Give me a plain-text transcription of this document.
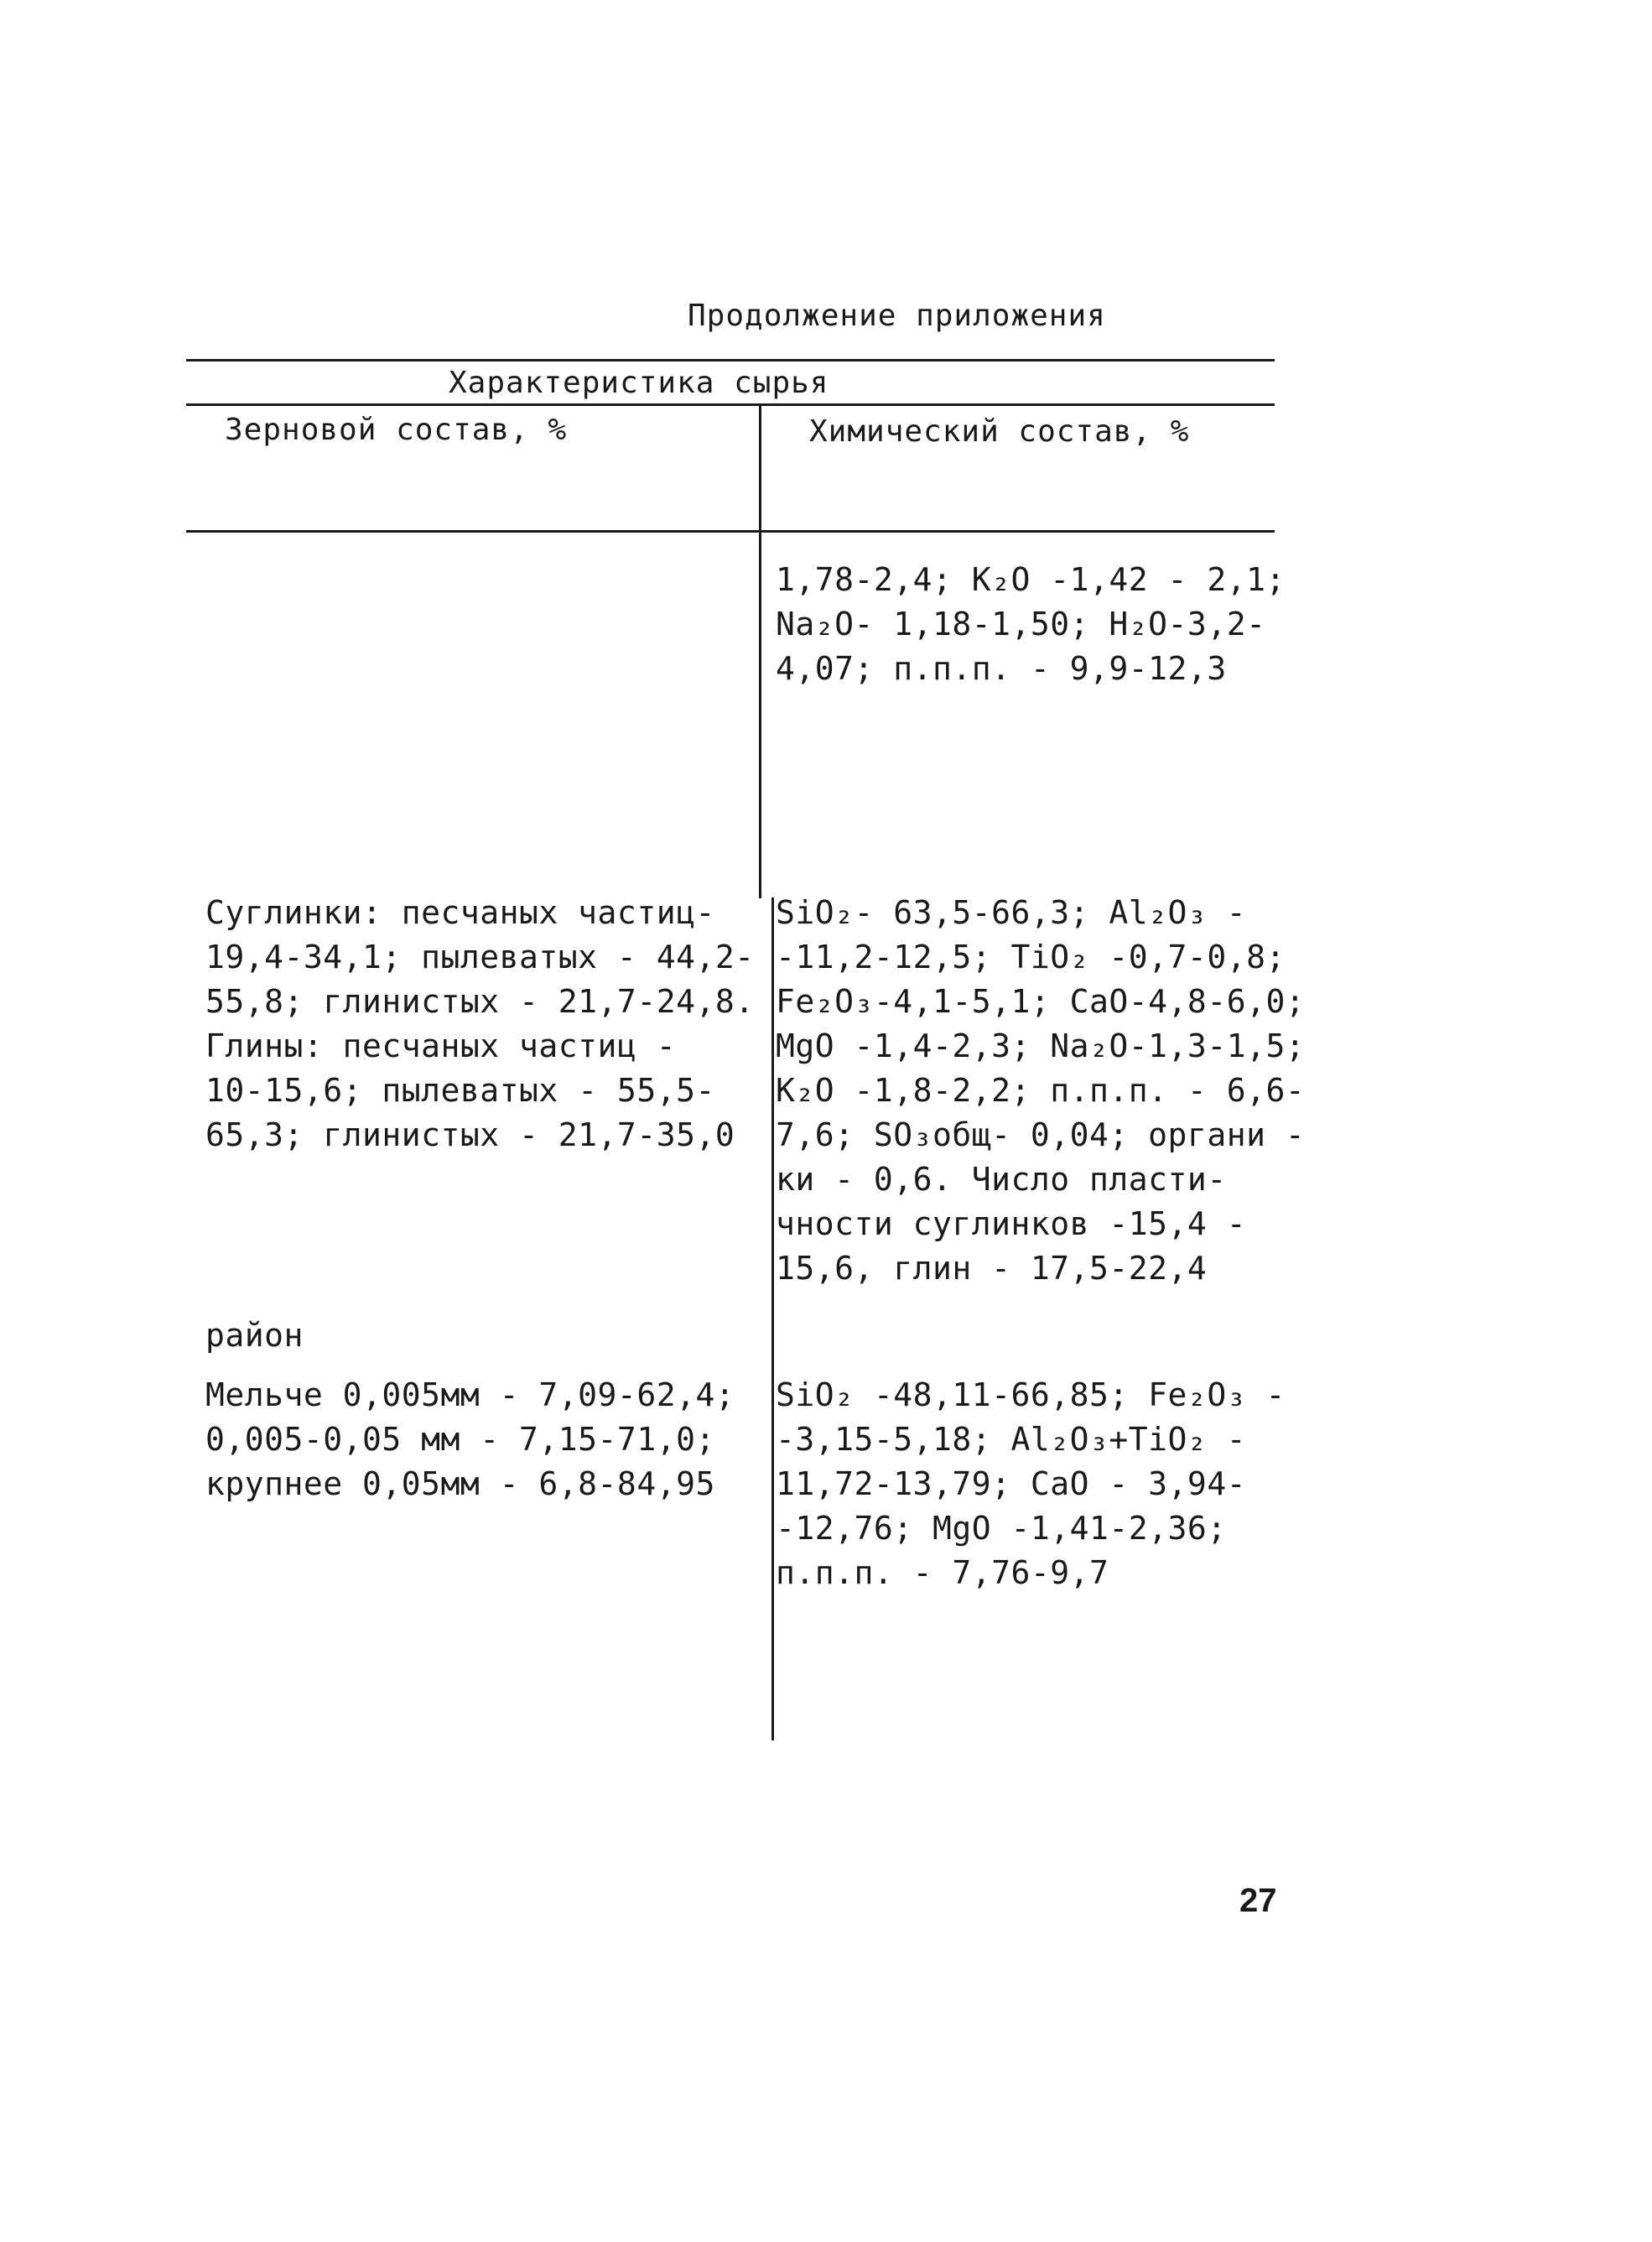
Продолжение приложения
Характеристика сырья
Зерновой состав, %	Химический состав, %
1,78-2,4; K₂O -1,42 - 2,1;
Na₂O- 1,18-1,50; H₂O-3,2-
4,07; п.п.п. - 9,9-12,3
Суглинки: песчаных частиц-
19,4-34,1; пылеватых - 44,2-
55,8; глинистых - 21,7-24,8.
Глины: песчаных частиц -
10-15,6; пылеватых - 55,5-
65,3; глинистых - 21,7-35,0
SiO₂- 63,5-66,3; Al₂O₃ -
-11,2-12,5; TiO₂ -0,7-0,8;
Fe₂O₃-4,1-5,1; CaO-4,8-6,0;
MgO -1,4-2,3; Na₂O-1,3-1,5;
K₂O -1,8-2,2; п.п.п. - 6,6-
7,6; SO₃общ- 0,04; органи -
ки - 0,6. Число пласти-
чности суглинков -15,4 -
15,6, глин - 17,5-22,4
район
Мельче 0,005мм - 7,09-62,4;
0,005-0,05 мм - 7,15-71,0;
крупнее 0,05мм - 6,8-84,95
SiO₂ -48,11-66,85; Fe₂O₃ -
-3,15-5,18; Al₂O₃+TiO₂ -
11,72-13,79; CaO - 3,94-
-12,76; MgO -1,41-2,36;
п.п.п. - 7,76-9,7
27
